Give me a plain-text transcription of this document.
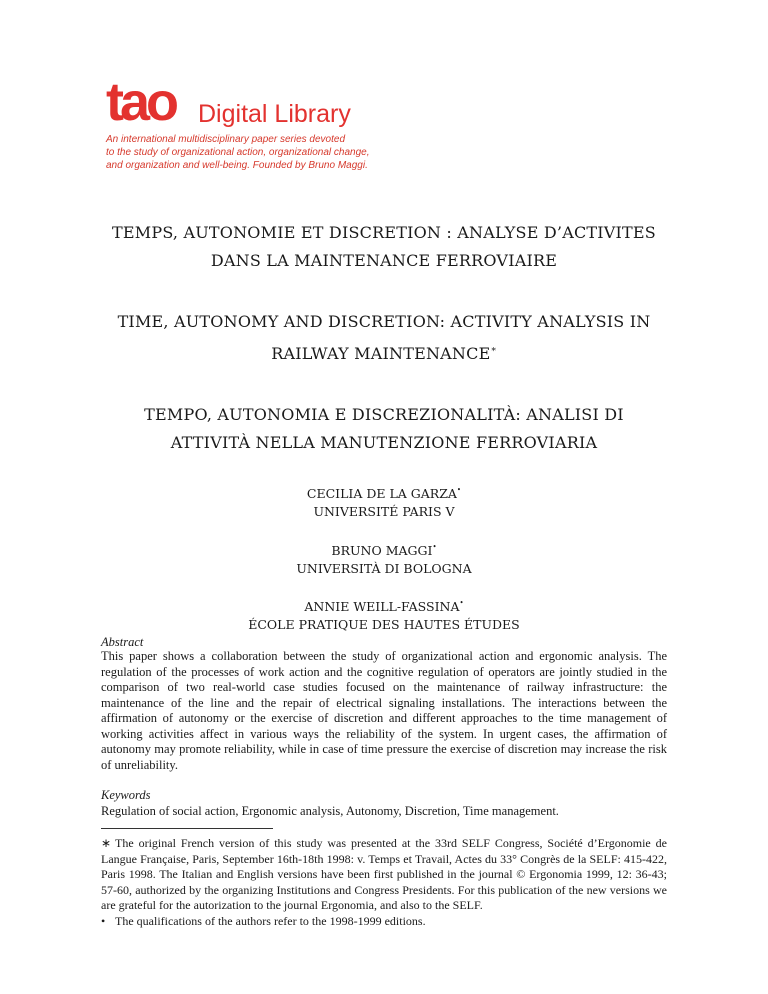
tao Digital Library
An international multidisciplinary paper series devoted
to the study of organizational action, organizational change,
and organization and well-being. Founded by Bruno Maggi.
TEMPS, AUTONOMIE ET DISCRETION : ANALYSE D’ACTIVITES
DANS LA MAINTENANCE FERROVIAIRE
TIME, AUTONOMY AND DISCRETION: ACTIVITY ANALYSIS IN
RAILWAY MAINTENANCE∗
TEMPO, AUTONOMIA E DISCREZIONALITÀ: ANALISI DI
ATTIVITÀ NELLA MANUTENZIONE FERROVIARIA
CECILIA DE LA GARZA•
UNIVERSITÉ PARIS V
BRUNO MAGGI•
UNIVERSITÀ DI BOLOGNA
ANNIE WEILL-FASSINA•
ÉCOLE PRATIQUE DES HAUTES ÉTUDES
Abstract
This paper shows a collaboration between the study of organizational action and ergonomic analysis. The regulation of the processes of work action and the cognitive regulation of operators are jointly studied in the comparison of two real-world case studies focused on the maintenance of railway infrastructure: the maintenance of the line and the repair of electrical signaling installations. The interactions between the affirmation of autonomy or the exercise of discretion and different approaches to the time management of working activities affect in various ways the reliability of the system. In urgent cases, the affirmation of autonomy may promote reliability, while in case of time pressure the exercise of discretion may increase the risk of unreliability.
Keywords
Regulation of social action, Ergonomic analysis, Autonomy, Discretion, Time management.
∗ The original French version of this study was presented at the 33rd SELF Congress, Société d’Ergonomie de Langue Française, Paris, September 16th-18th 1998: v. Temps et Travail, Actes du 33° Congrès de la SELF: 415-422, Paris 1998. The Italian and English versions have been first published in the journal © Ergonomia 1999, 12: 36-43; 57-60, authorized by the organizing Institutions and Congress Presidents. For this publication of the new versions we are grateful for the autorization to the journal Ergonomia, and also to the SELF.
• The qualifications of the authors refer to the 1998-1999 editions.
